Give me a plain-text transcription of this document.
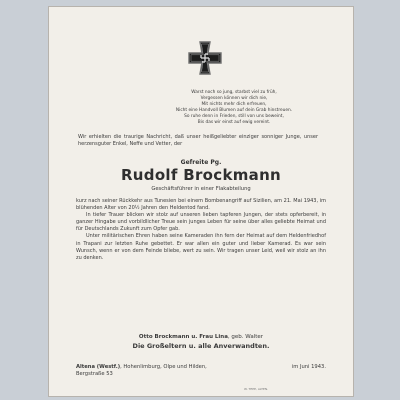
Warst noch so jung, starbst viel zu früh,
Vergessen können wir dich nie,
Mit nichts mehr dich erfreuen,
Nicht eine Handvoll Blumen auf dein Grab hinstreuen.
So ruhe denn in Frieden, still von uns beweint,
Bis das wir einst auf ewig vereint.
Wir erhielten die traurige Nachricht, daß unser heißgeliebter einziger sonniger Junge, unser herzensguter Enkel, Neffe und Vetter, der
Gefreite Pg.
Rudolf Brockmann
Geschäftsführer in einer Flakabteilung

kurz nach seiner Rückkehr aus Tunesien bei einem Bombenangriff auf Sizilien, am 21. Mai 1943, im blühenden Alter von 20½ Jahren den Heldentod fand.

In tiefer Trauer blicken wir stolz auf unseren lieben tapferen Jungen, der stets opferbereit, in ganzer Hingabe und vorbildlicher Treue sein junges Leben für seine über alles geliebte Heimat und für Deutschlands Zukunft zum Opfer gab.

Unter militärischen Ehren haben seine Kameraden ihn fern der Heimat auf dem Heldenfriedhof in Trapani zur letzten Ruhe gebettet. Er war allen ein guter und lieber Kamerad. Es war sein Wunsch, wenn er von dem Feinde bliebe, wert zu sein. Wir tragen unser Leid, weil wir stolz an ihn zu denken.

Otto Brockmann u. Frau Lina, geb. Walter
Die Großeltern u. alle Anverwandten.
Altena (Westf.), Hohenlimburg, Olpe und Hilden,	im Juni 1943.
Bergstraße 53
W. TEPE, ALTEN.
